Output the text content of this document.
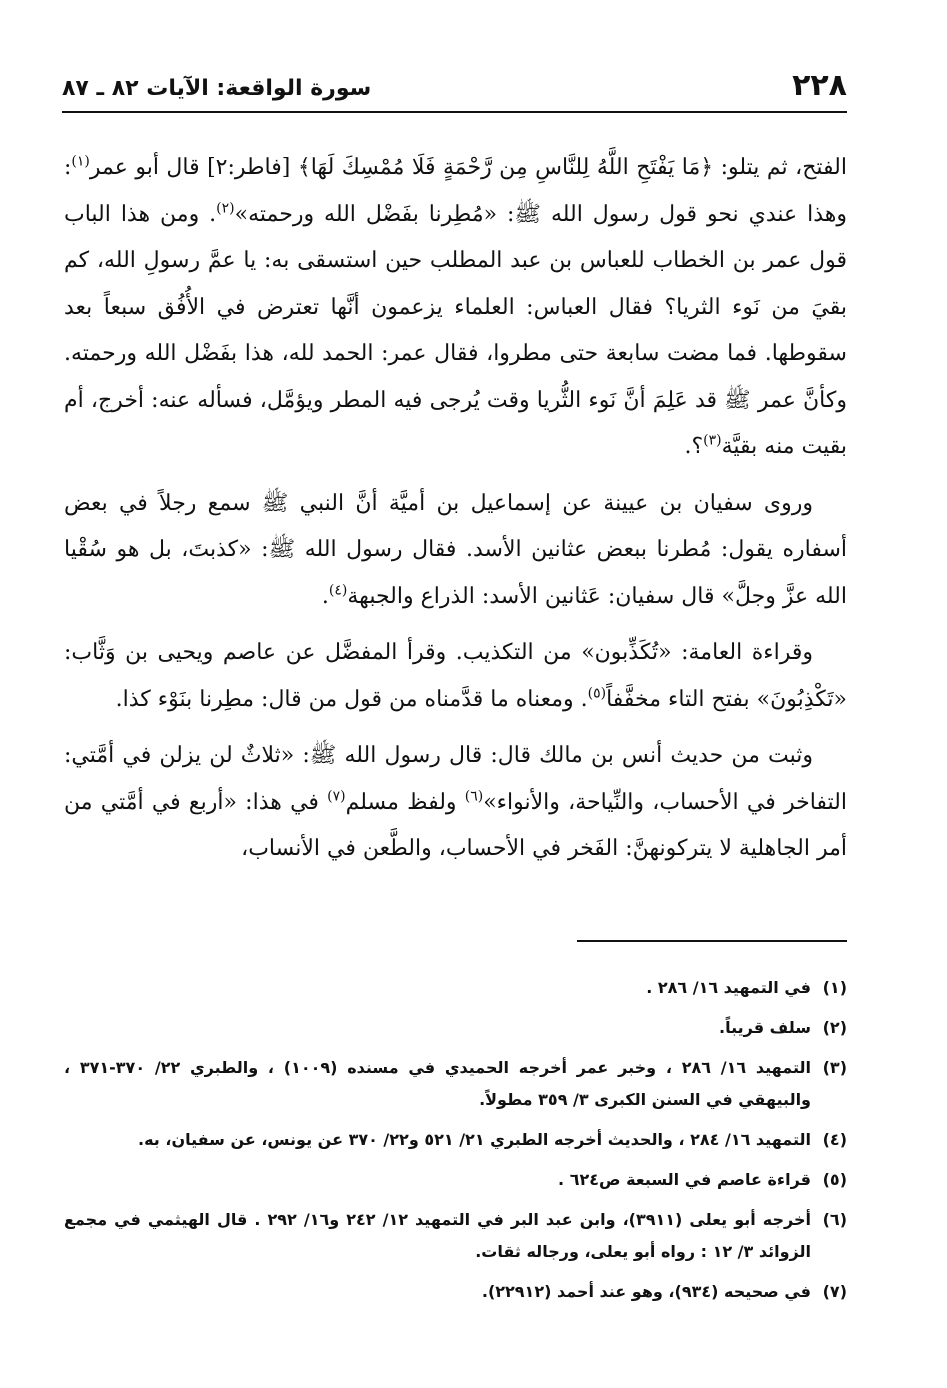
٢٢٨
سورة الواقعة: الآيات ٨٢ ـ ٨٧

الفتح، ثم يتلو: ﴿مَا يَفْتَحِ اللَّهُ لِلنَّاسِ مِن رَّحْمَةٍ فَلَا مُمْسِكَ لَهَا﴾ [فاطر:٢] قال أبو عمر$^{(١)}$: وهذا عندي نحو قول رسول الله ﷺ: «مُطِرنا بفَضْل الله ورحمته»$^{(٢)}$. ومن هذا الباب قول عمر بن الخطاب للعباس بن عبد المطلب حين استسقى به: يا عمَّ رسولِ الله، كم بقيَ من نَوء الثريا؟ فقال العباس: العلماء يزعمون أنَّها تعترض في الأُفُق سبعاً بعد سقوطها. فما مضت سابعة حتى مطروا، فقال عمر: الحمد لله، هذا بفَضْل الله ورحمته. وكأنَّ عمر ﷺ قد عَلِمَ أنَّ نَوء الثُّريا وقت يُرجى فيه المطر ويؤمَّل، فسأله عنه: أخرج، أم بقيت منه بقيَّة$^{(٣)}$؟.

وروى سفيان بن عيينة عن إسماعيل بن أميَّة أنَّ النبي ﷺ سمع رجلاً في بعض أسفاره يقول: مُطرنا ببعض عثانين الأسد. فقال رسول الله ﷺ: «كذبتَ، بل هو سُقْيا الله عزَّ وجلَّ» قال سفيان: عَثانين الأسد: الذراع والجبهة$^{(٤)}$.

وقراءة العامة: «تُكَذِّبون» من التكذيب. وقرأ المفضَّل عن عاصم ويحيى بن وَثَّاب: «تَكْذِبُونَ» بفتح التاء مخفَّفاً$^{(٥)}$. ومعناه ما قدَّمناه من قول من قال: مطِرنا بنَوْء كذا.

وثبت من حديث أنس بن مالك قال: قال رسول الله ﷺ: «ثلاثٌ لن يزلن في أمَّتي: التفاخر في الأحساب، والنِّياحة، والأنواء»$^{(٦)}$ ولفظ مسلم$^{(٧)}$ في هذا: «أربع في أمَّتي من أمر الجاهلية لا يتركونهنَّ: الفَخر في الأحساب، والطَّعن في الأنساب،

(١)
في التمهيد ١٦/ ٢٨٦ .
(٢)
سلف قريباً.
(٣)
التمهيد ١٦/ ٢٨٦ ، وخبر عمر أخرجه الحميدي في مسنده (١٠٠٩) ، والطبري ٢٢/ ٣٧٠-٣٧١ ، والبيهقي في السنن الكبرى ٣/ ٣٥٩ مطولاً.
(٤)
التمهيد ١٦/ ٢٨٤ ، والحديث أخرجه الطبري ٢١/ ٥٢١ و٢٢/ ٣٧٠ عن يونس، عن سفيان، به.
(٥)
قراءة عاصم في السبعة ص٦٢٤ .
(٦)
أخرجه أبو يعلى (٣٩١١)، وابن عبد البر في التمهيد ١٢/ ٢٤٢ و١٦/ ٢٩٢ . قال الهيثمي في مجمع الزوائد ٣/ ١٢ : رواه أبو يعلى، ورجاله ثقات.
(٧)
في صحيحه (٩٣٤)، وهو عند أحمد (٢٢٩١٢).
